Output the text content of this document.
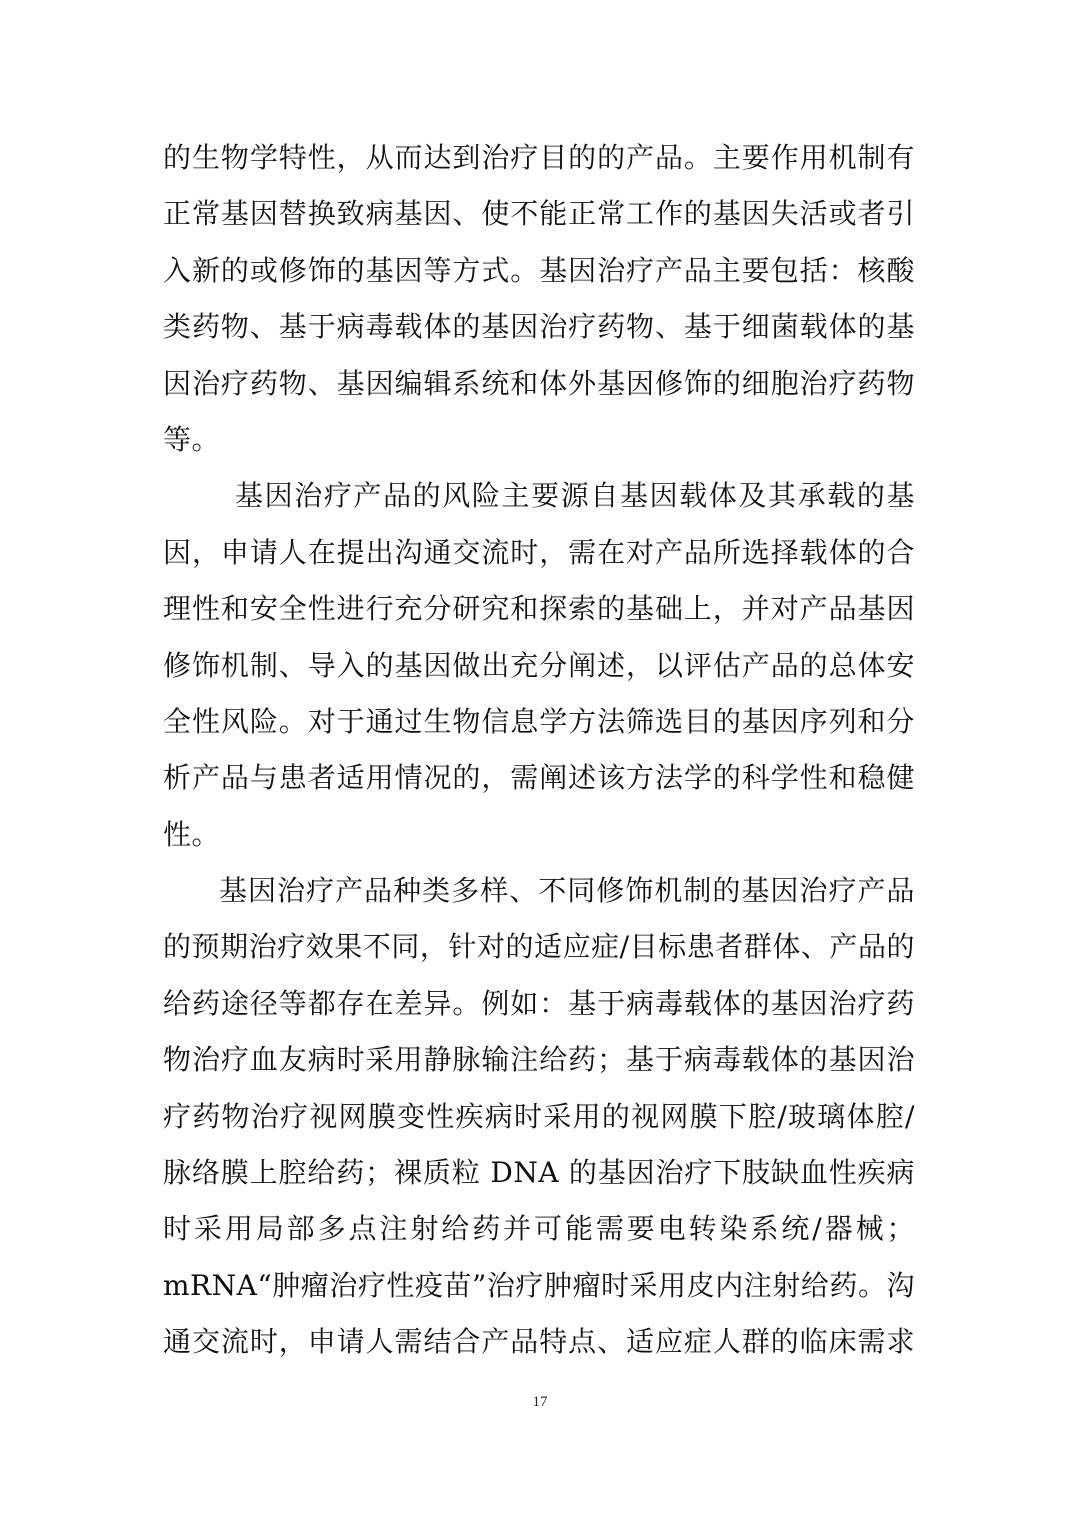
的生物学特性，从而达到治疗目的的产品。主要作用机制有
正常基因替换致病基因、使不能正常工作的基因失活或者引
入新的或修饰的基因等方式。基因治疗产品主要包括：核酸
类药物、基于病毒载体的基因治疗药物、基于细菌载体的基
因治疗药物、基因编辑系统和体外基因修饰的细胞治疗药物
等。
基因治疗产品的风险主要源自基因载体及其承载的基
因，申请人在提出沟通交流时，需在对产品所选择载体的合
理性和安全性进行充分研究和探索的基础上，并对产品基因
修饰机制、导入的基因做出充分阐述，以评估产品的总体安
全性风险。对于通过生物信息学方法筛选目的基因序列和分
析产品与患者适用情况的，需阐述该方法学的科学性和稳健
性。
基因治疗产品种类多样、不同修饰机制的基因治疗产品
的预期治疗效果不同，针对的适应症/目标患者群体、产品的
给药途径等都存在差异。例如：基于病毒载体的基因治疗药
物治疗血友病时采用静脉输注给药；基于病毒载体的基因治
疗药物治疗视网膜变性疾病时采用的视网膜下腔/玻璃体腔/
脉络膜上腔给药；裸质粒 DNA 的基因治疗下肢缺血性疾病
时采用局部多点注射给药并可能需要电转染系统/器械；
mRNA“肿瘤治疗性疫苗”治疗肿瘤时采用皮内注射给药。沟
通交流时，申请人需结合产品特点、适应症人群的临床需求
17
